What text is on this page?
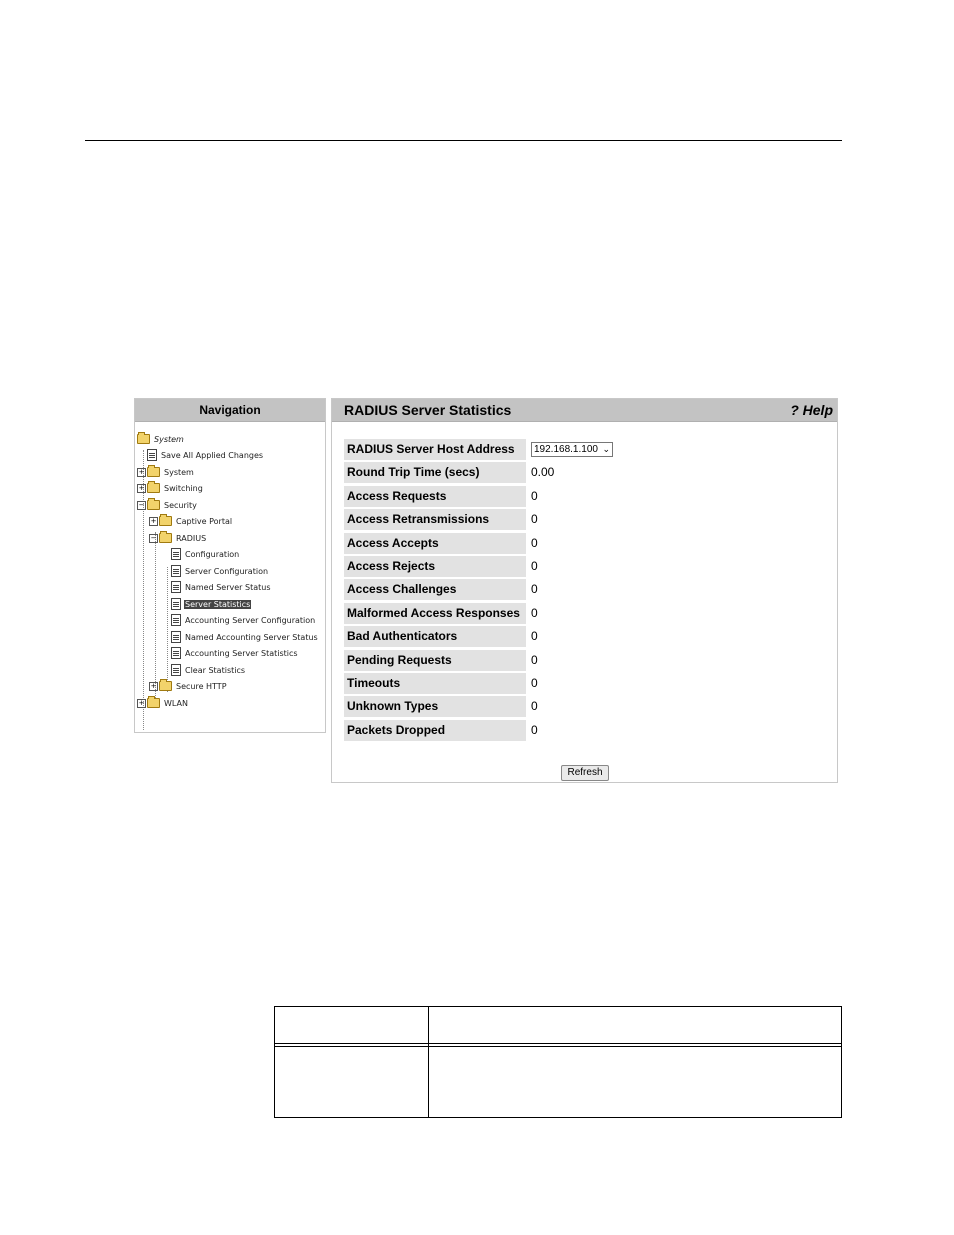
Navigation
System
Save All Applied Changes
+ System
+ Switching
− Security
+ Captive Portal
− RADIUS
Configuration
Server Configuration
Named Server Status
Server Statistics
Accounting Server Configuration
Named Accounting Server Status
Accounting Server Statistics
Clear Statistics
+ Secure HTTP
+ WLAN
RADIUS Server Statistics	? Help
RADIUS Server Host Address	192.168.1.100 ⌄
Round Trip Time (secs)	0.00
Access Requests	0
Access Retransmissions	0
Access Accepts	0
Access Rejects	0
Access Challenges	0
Malformed Access Responses 0
Bad Authenticators	0
Pending Requests	0
Timeouts	0
Unknown Types	0
Packets Dropped	0
Refresh
